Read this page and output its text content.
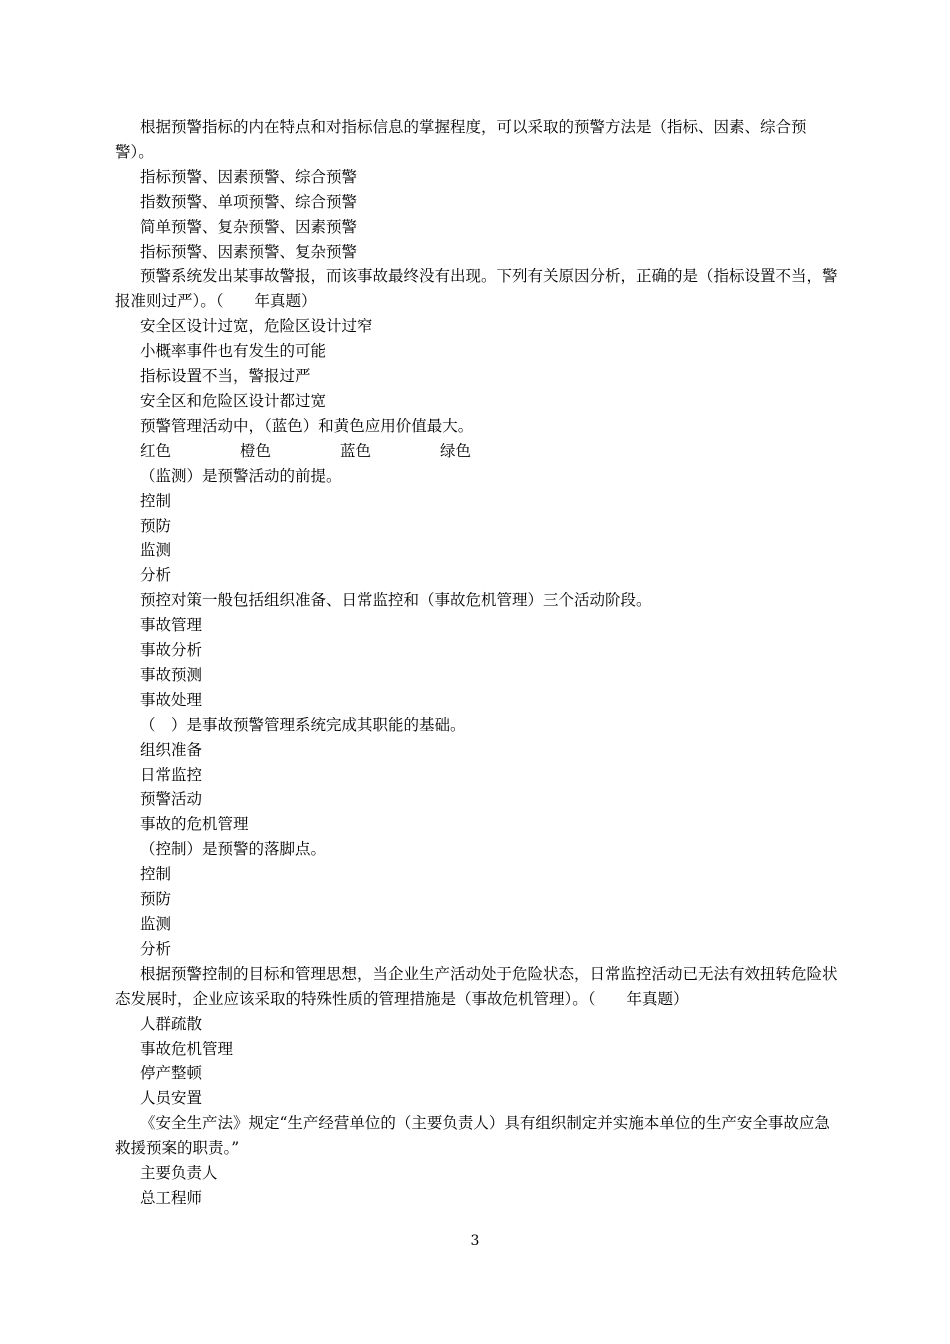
根据预警指标的内在特点和对指标信息的掌握程度，可以采取的预警方法是（指标、因素、综合预警）。

指标预警、因素预警、综合预警

指数预警、单项预警、综合预警

简单预警、复杂预警、因素预警

指标预警、因素预警、复杂预警

预警系统发出某事故警报，而该事故最终没有出现。下列有关原因分析，正确的是（指标设置不当，警报准则过严）。（　　年真题）

安全区设计过宽，危险区设计过窄

小概率事件也有发生的可能

指标设置不当，警报过严

安全区和危险区设计都过宽

预警管理活动中，（蓝色）和黄色应用价值最大。

红色	橙色	蓝色	绿色

（监测）是预警活动的前提。

控制

预防

监测

分析

预控对策一般包括组织准备、日常监控和（事故危机管理）三个活动阶段。

事故管理

事故分析

事故预测

事故处理

（　）是事故预警管理系统完成其职能的基础。

组织准备

日常监控

预警活动

事故的危机管理

（控制）是预警的落脚点。

控制

预防

监测

分析

根据预警控制的目标和管理思想，当企业生产活动处于危险状态，日常监控活动已无法有效扭转危险状态发展时，企业应该采取的特殊性质的管理措施是（事故危机管理）。（　　年真题）

人群疏散

事故危机管理

停产整顿

人员安置

《安全生产法》规定“生产经营单位的（主要负责人）具有组织制定并实施本单位的生产安全事故应急救援预案的职责。”

主要负责人

总工程师

3
